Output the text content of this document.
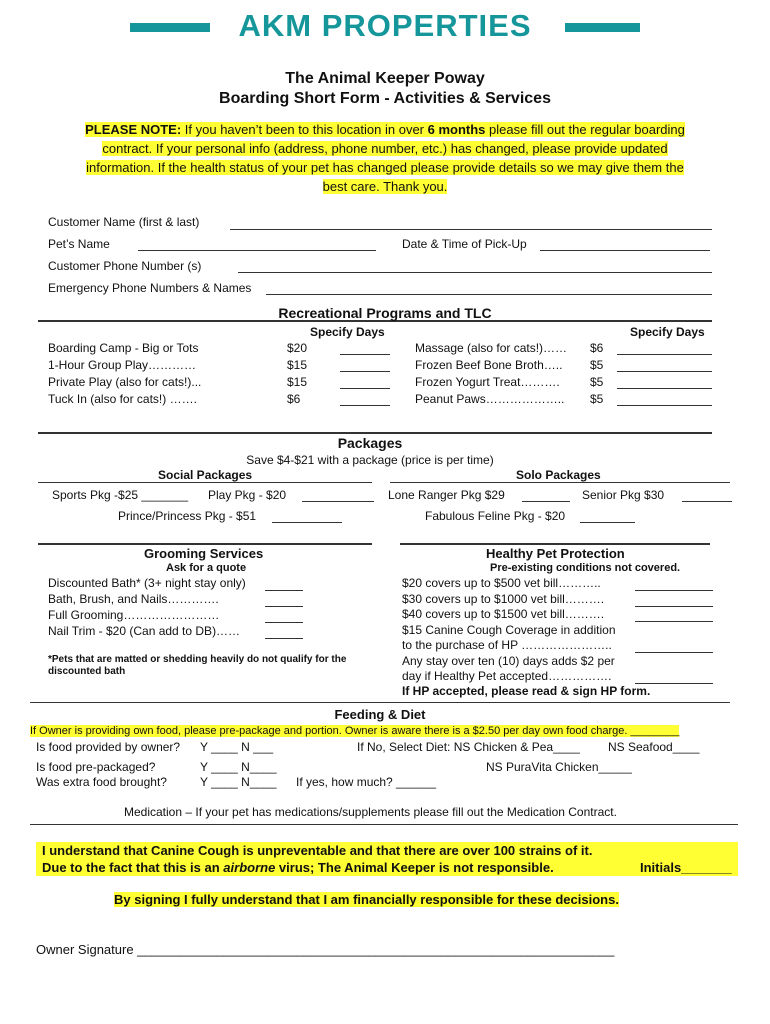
AKM PROPERTIES
The Animal Keeper Poway
Boarding Short Form - Activities & Services
PLEASE NOTE: If you haven’t been to this location in over 6 months please fill out the regular boarding contract. If your personal info (address, phone number, etc.) has changed, please provide updated information. If the health status of your pet has changed please provide details so we may give them the best care. Thank you.
Customer Name (first & last)
Pet’s Name	Date & Time of Pick-Up
Customer Phone Number (s)
Emergency Phone Numbers & Names
Recreational Programs and TLC
Specify Days	Specify Days
Boarding Camp - Big or Tots	$20
1-Hour Group Play…………	$15
Private Play (also for cats!)...	$15
Tuck In (also for cats!) …….	$6
Massage (also for cats!)…… $6
Frozen Beef Bone Broth….. $5
Frozen Yogurt Treat……….	$5
Peanut Paws……………….. $5
Packages
Save $4-$21 with a package (price is per time)
Social Packages	Solo Packages
Sports Pkg -$25 _______ Play Pkg - $20	Lone Ranger Pkg $29	Senior Pkg $30
Prince/Princess Pkg - $51	Fabulous Feline Pkg - $20
Grooming Services
Ask for a quote
Discounted Bath* (3+ night stay only)
Bath, Brush, and Nails………….
Full Grooming……………………
Nail Trim - $20 (Can add to DB)……
*Pets that are matted or shedding heavily do not qualify for the discounted bath
Healthy Pet Protection
Pre-existing conditions not covered.
$20 covers up to $500 vet bill………..
$30 covers up to $1000 vet bill……….
$40 covers up to $1500 vet bill……….
$15 Canine Cough Coverage in addition
to the purchase of HP …………………..
Any stay over ten (10) days adds $2 per
day if Healthy Pet accepted…………….
If HP accepted, please read & sign HP form.
Feeding & Diet
If Owner is providing own food, please pre-package and portion. Owner is aware there is a $2.50 per day own food charge. ________
Is food provided by owner? Y ____ N ___	If No, Select Diet: NS Chicken & Pea____ NS Seafood____
Is food pre-packaged?	Y ____ N____	NS PuraVita Chicken_____
Was extra food brought?	Y ____ N____ If yes, how much? ______
Medication – If your pet has medications/supplements please fill out the Medication Contract.
I understand that Canine Cough is unpreventable and that there are over 100 strains of it.
Due to the fact that this is an airborne virus; The Animal Keeper is not responsible.	Initials_______
By signing I fully understand that I am financially responsible for these decisions.
Owner Signature __________________________________________________________________
